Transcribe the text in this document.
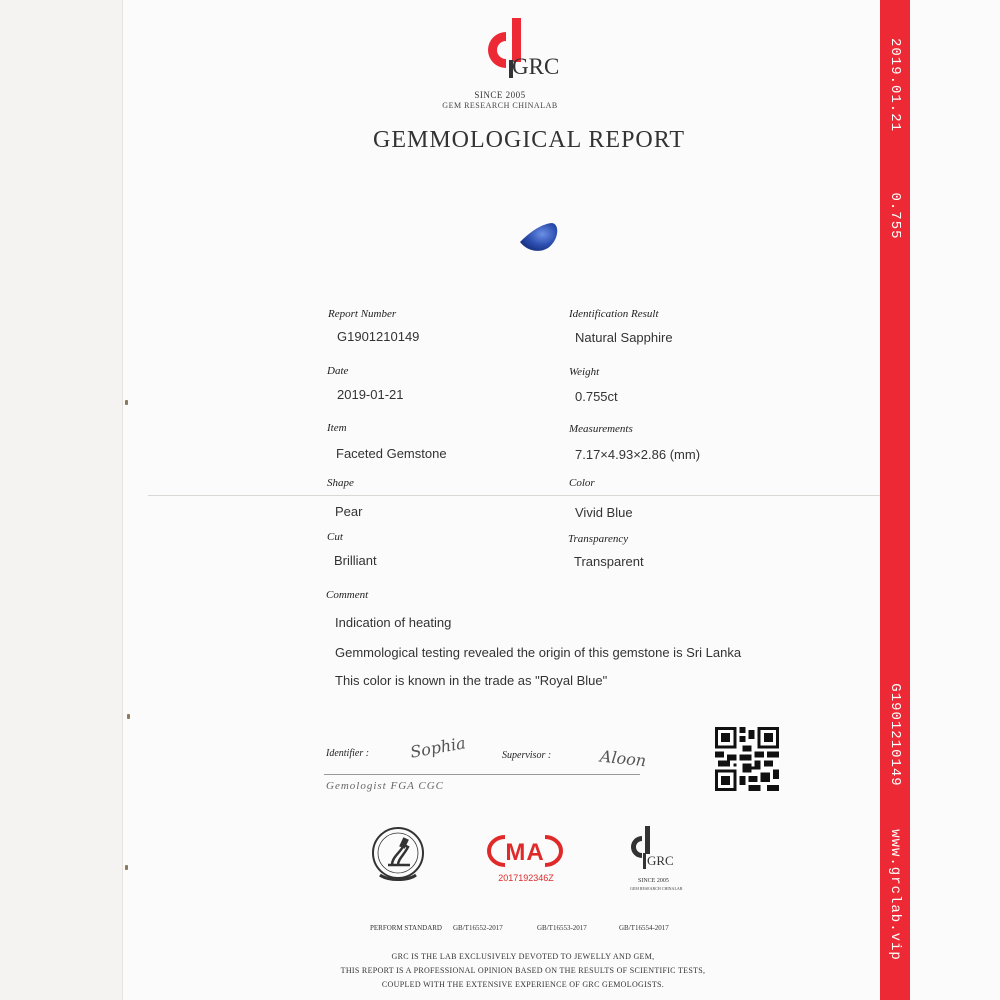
GRC
SINCE 2005
GEM RESEARCH CHINALAB
GEMMOLOGICAL REPORT
Report Number
G1901210149
Identification Result
Natural Sapphire
Date
2019-01-21
Weight
0.755ct
Item
Faceted Gemstone
Measurements
7.17×4.93×2.86 (mm)
Shape
Pear
Color
Vivid Blue
Cut
Brilliant
Transparency
Transparent
Comment
Indication of heating
Gemmological testing revealed the origin of this gemstone is Sri Lanka
This color is known in the trade as "Royal Blue"
Identifier : Sophia	Supervisor :	Aloon
Gemologist FGA CGC
MA
2017192346Z
GRC
SINCE 2005
GEM RESEARCH CHINALAB
PERFORM STANDARD GB/T16552-2017	GB/T16553-2017	GB/T16554-2017
GRC IS THE LAB EXCLUSIVELY DEVOTED TO JEWELLY AND GEM,
THIS REPORT IS A PROFESSIONAL OPINION BASED ON THE RESULTS OF SCIENTIFIC TESTS,
COUPLED WITH THE EXTENSIVE EXPERIENCE OF GRC GEMOLOGISTS.
2019.01.21
0.755
G1901210149
www.grclab.vip
